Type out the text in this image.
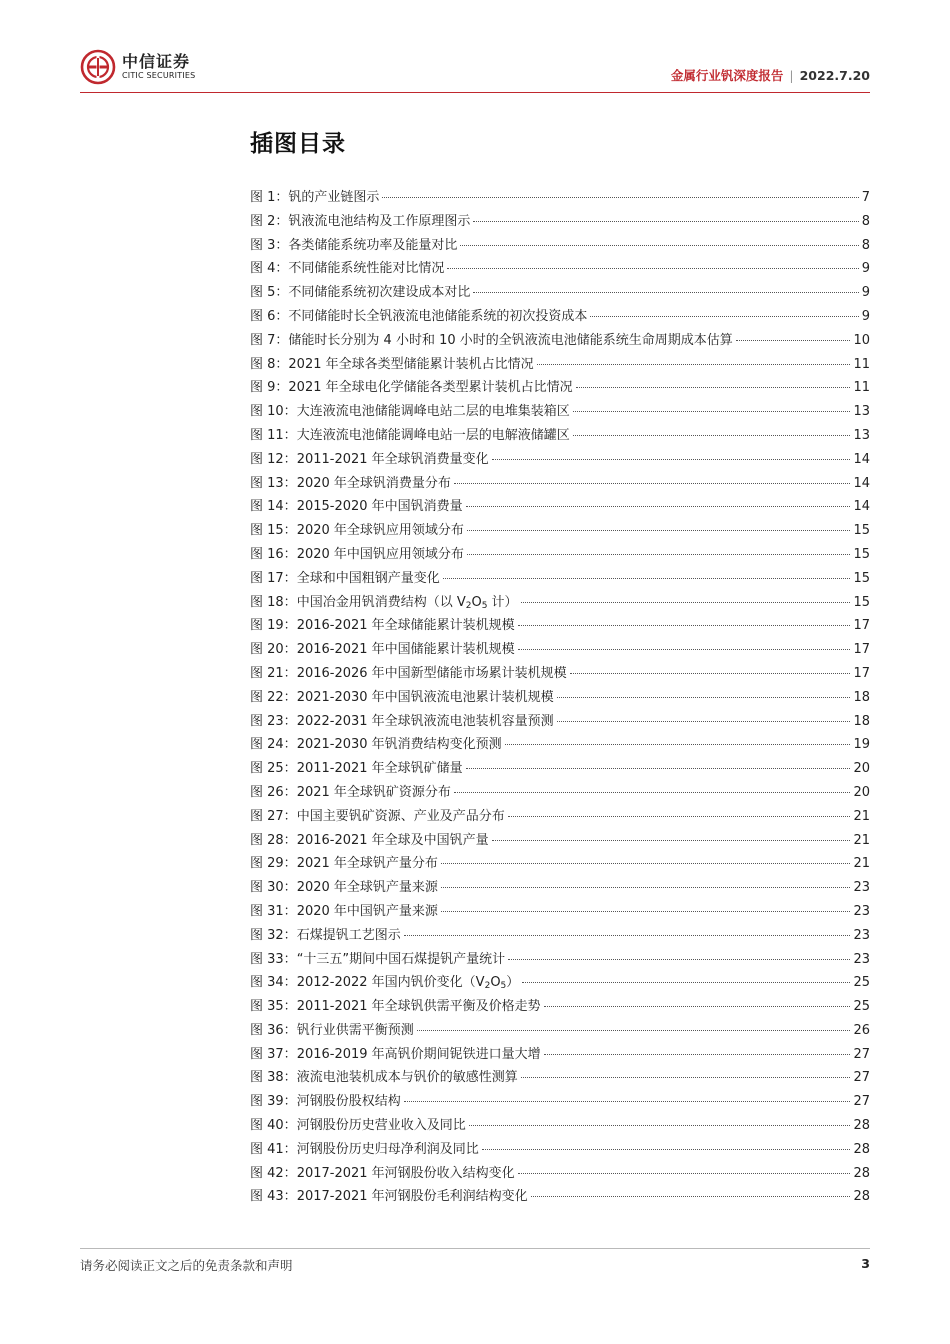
中信证券
CITIC SECURITIES	金属行业钒深度报告 | 2022.7.20
插图目录
图 1： 钒的产业链图示	7
图 2： 钒液流电池结构及工作原理图示	8
图 3： 各类储能系统功率及能量对比	8
图 4： 不同储能系统性能对比情况	9
图 5： 不同储能系统初次建设成本对比	9
图 6： 不同储能时长全钒液流电池储能系统的初次投资成本	9
图 7： 储能时长分别为 4 小时和 10 小时的全钒液流电池储能系统生命周期成本估算	10
图 8： 2021 年全球各类型储能累计装机占比情况	11
图 9： 2021 年全球电化学储能各类型累计装机占比情况	11
图 10： 大连液流电池储能调峰电站二层的电堆集装箱区	13
图 11： 大连液流电池储能调峰电站一层的电解液储罐区	13
图 12： 2011-2021 年全球钒消费量变化	14
图 13： 2020 年全球钒消费量分布	14
图 14： 2015-2020 年中国钒消费量	14
图 15： 2020 年全球钒应用领域分布	15
图 16： 2020 年中国钒应用领域分布	15
图 17： 全球和中国粗钢产量变化	15
图 18： 中国冶金用钒消费结构（以 $V_2O_5$ 计）	15
图 19： 2016-2021 年全球储能累计装机规模	17
图 20： 2016-2021 年中国储能累计装机规模	17
图 21： 2016-2026 年中国新型储能市场累计装机规模	17
图 22： 2021-2030 年中国钒液流电池累计装机规模	18
图 23： 2022-2031 年全球钒液流电池装机容量预测	18
图 24： 2021-2030 年钒消费结构变化预测	19
图 25： 2011-2021 年全球钒矿储量	20
图 26： 2021 年全球钒矿资源分布	20
图 27： 中国主要钒矿资源、产业及产品分布	21
图 28： 2016-2021 年全球及中国钒产量	21
图 29： 2021 年全球钒产量分布	21
图 30： 2020 年全球钒产量来源	23
图 31： 2020 年中国钒产量来源	23
图 32： 石煤提钒工艺图示	23
图 33： “十三五”期间中国石煤提钒产量统计	23
图 34： 2012-2022 年国内钒价变化$(V_2O_5)$	25
图 35： 2011-2021 年全球钒供需平衡及价格走势	25
图 36： 钒行业供需平衡预测	26
图 37： 2016-2019 年高钒价期间铌铁进口量大增	27
图 38： 液流电池装机成本与钒价的敏感性测算	27
图 39： 河钢股份股权结构	27
图 40： 河钢股份历史营业收入及同比	28
图 41： 河钢股份历史归母净利润及同比	28
图 42： 2017-2021 年河钢股份收入结构变化	28
图 43： 2017-2021 年河钢股份毛利润结构变化	28
请务必阅读正文之后的免责条款和声明	3
